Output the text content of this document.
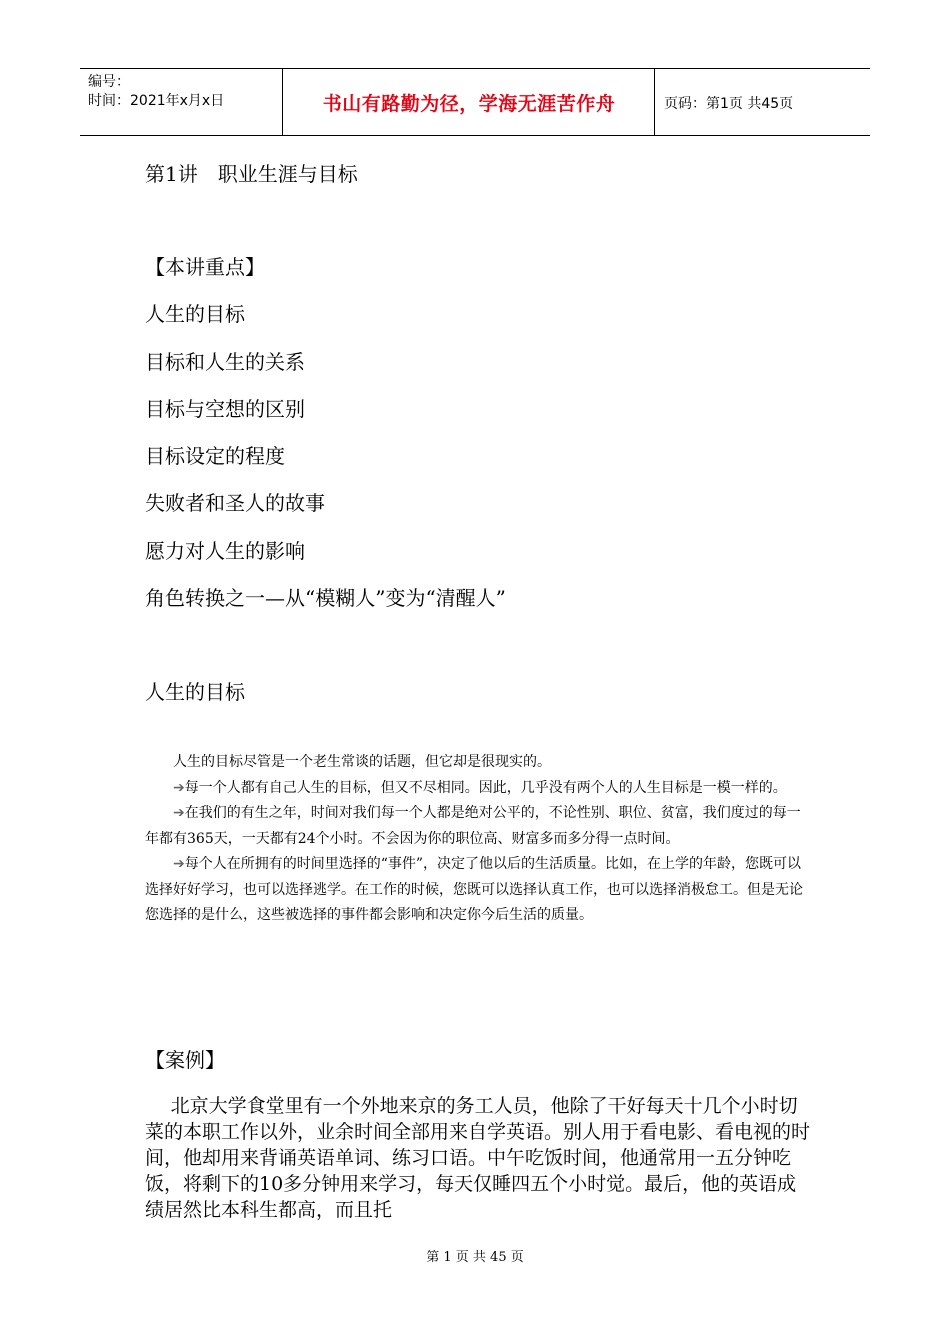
编号：
时间：2021年x月x日	书山有路勤为径，学海无涯苦作舟	页码：第1页 共45页
第1讲 职业生涯与目标
【本讲重点】
人生的目标
目标和人生的关系
目标与空想的区别
目标设定的程度
失败者和圣人的故事
愿力对人生的影响
角色转换之一—从“模糊人”变为“清醒人”
人生的目标

人生的目标尽管是一个老生常谈的话题，但它却是很现实的。

➔每一个人都有自己人生的目标，但又不尽相同。因此，几乎没有两个人的人生目标是一模一样的。

➔在我们的有生之年，时间对我们每一个人都是绝对公平的，不论性别、职位、贫富，我们度过的每一年都有365天，一天都有24个小时。不会因为你的职位高、财富多而多分得一点时间。

➔每个人在所拥有的时间里选择的“事件”，决定了他以后的生活质量。比如，在上学的年龄，您既可以选择好好学习，也可以选择逃学。在工作的时候，您既可以选择认真工作，也可以选择消极怠工。但是无论您选择的是什么，这些被选择的事件都会影响和决定你今后生活的质量。

【案例】
北京大学食堂里有一个外地来京的务工人员，他除了干好每天十几个小时切菜的本职工作以外，业余时间全部用来自学英语。别人用于看电影、看电视的时间，他却用来背诵英语单词、练习口语。中午吃饭时间，他通常用一五分钟吃饭，将剩下的10多分钟用来学习，每天仅睡四五个小时觉。最后，他的英语成绩居然比本科生都高，而且托
第 1 页 共 45 页
